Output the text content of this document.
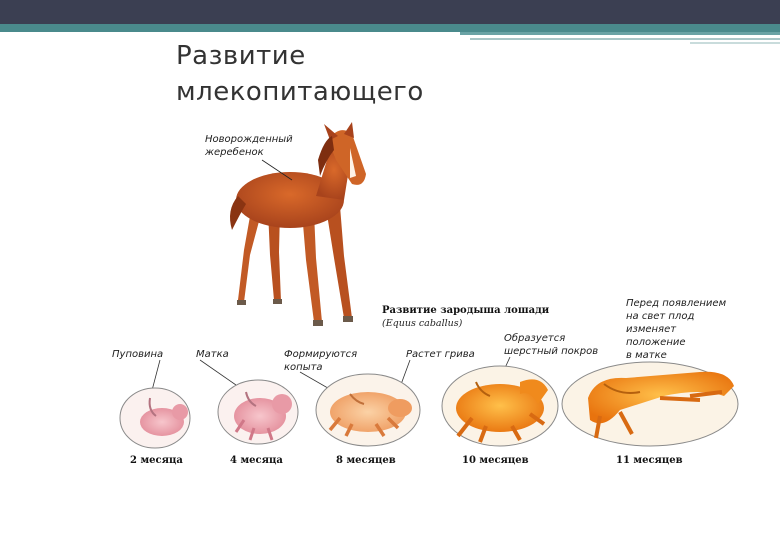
Развитие
млекопитающего
Новорожденный
жеребенок
Развитие зародыша лошади
(Equus caballus)
Пуповина	Матка	Формируются
копыта
Растет грива
Образуется
шерстный покров
Перед появлением
на свет плод
изменяет
положение
в матке
2 месяца	4 месяца	8 месяцев	10 месяцев	11 месяцев
